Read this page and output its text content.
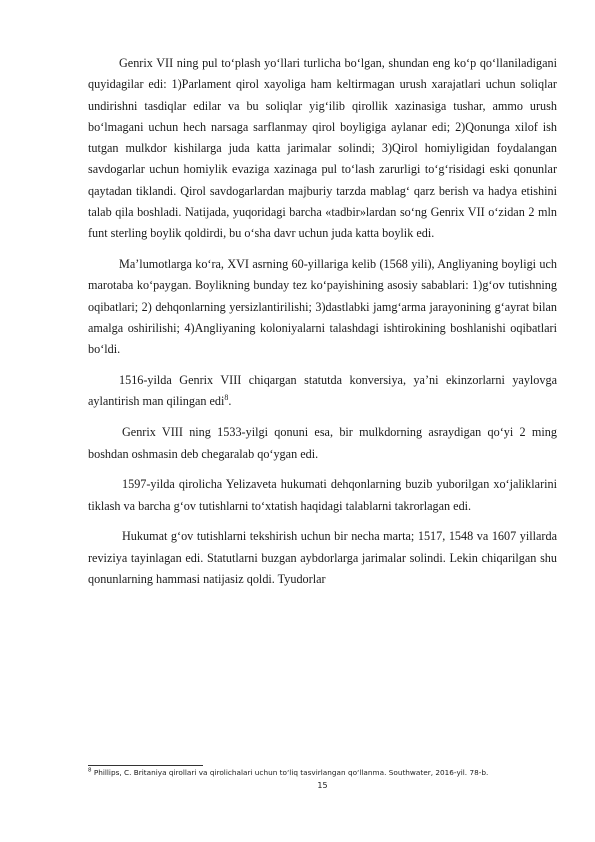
Genrix VII ning pul to‘plash yo‘llari turlicha bo‘lgan, shundan eng ko‘p qo‘llaniladigani quyidagilar edi: 1)Parlament qirol xayoliga ham keltirmagan urush xarajatlari uchun soliqlar undirishni tasdiqlar edilar va bu soliqlar yig‘ilib qirollik xazinasiga tushar, ammo urush bo‘lmagani uchun hech narsaga sarflanmay qirol boyligiga aylanar edi; 2)Qonunga xilof ish tutgan mulkdor kishilarga juda katta jarimalar solindi; 3)Qirol homiyligidan foydalangan savdogarlar uchun homiylik evaziga xazinaga pul to‘lash zarurligi to‘g‘risidagi eski qonunlar qaytadan tiklandi. Qirol savdogarlardan majburiy tarzda mablag‘ qarz berish va hadya etishini talab qila boshladi. Natijada, yuqoridagi barcha «tadbir»lardan so‘ng Genrix VII o‘zidan 2 mln funt sterling boylik qoldirdi, bu o‘sha davr uchun juda katta boylik edi.

Ma’lumotlarga ko‘ra, XVI asrning 60-yillariga kelib (1568 yili), Angliyaning boyligi uch marotaba ko‘paygan. Boylikning bunday tez ko‘payishining asosiy sabablari: 1)g‘ov tutishning oqibatlari; 2) dehqonlarning yersizlantirilishi; 3)dastlabki jamg‘arma jarayonining g‘ayrat bilan amalga oshirilishi; 4)Angliyaning koloniyalarni talashdagi ishtirokining boshlanishi oqibatlari bo‘ldi.

1516-yilda Genrix VIII chiqargan statutda konversiya, ya’ni ekinzorlarni yaylovga aylantirish man qilingan edi$^8$.

Genrix VIII ning 1533-yilgi qonuni esa, bir mulkdorning asraydigan qo‘yi 2 ming boshdan oshmasin deb chegaralab qo‘ygan edi.

1597-yilda qirolicha Yelizaveta hukumati dehqonlarning buzib yuborilgan xo‘jaliklarini tiklash va barcha g‘ov tutishlarni to‘xtatish haqidagi talablarni takrorlagan edi.

Hukumat g‘ov tutishlarni tekshirish uchun bir necha marta; 1517, 1548 va 1607 yillarda reviziya tayinlagan edi. Statutlarni buzgan aybdorlarga jarimalar solindi. Lekin chiqarilgan shu qonunlarning hammasi natijasiz qoldi. Tyudorlar

$^8$ Phillips, C. Britaniya qirollari va qirolichalari uchun to‘liq tasvirlangan qo‘llanma. Southwater, 2016-yil. 78-b.
15
